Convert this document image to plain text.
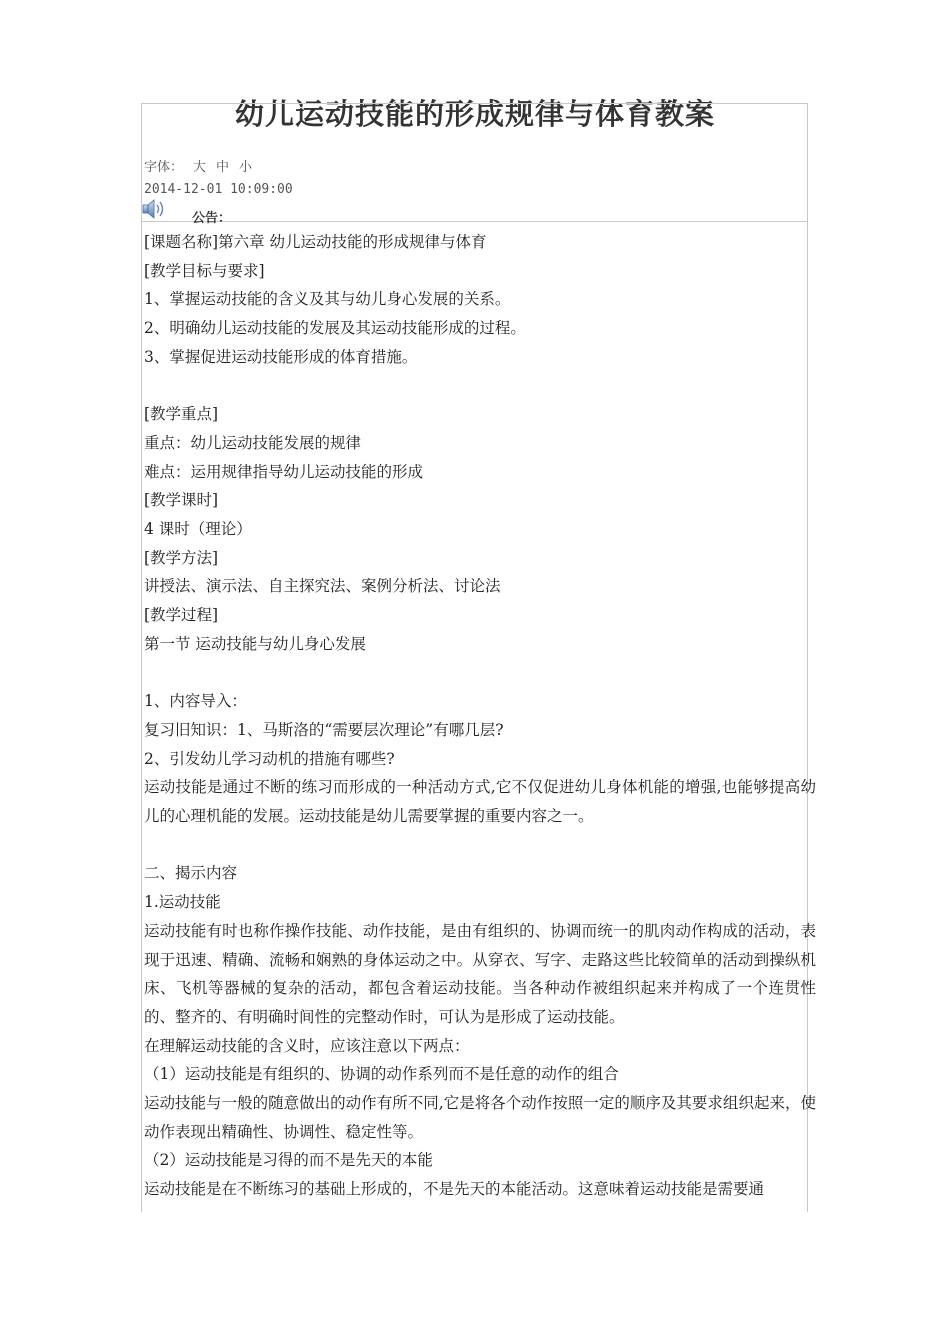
幼儿运动技能的形成规律与体育教案
字体： 大 中 小
2014-12-01 10:09:00
公告：

[课题名称]第六章 幼儿运动技能的形成规律与体育

[教学目标与要求]

1、掌握运动技能的含义及其与幼儿身心发展的关系。

2、明确幼儿运动技能的发展及其运动技能形成的过程。

3、掌握促进运动技能形成的体育措施。

[教学重点]

重点：幼儿运动技能发展的规律

难点：运用规律指导幼儿运动技能的形成

[教学课时]

4 课时（理论）

[教学方法]

讲授法、演示法、自主探究法、案例分析法、讨论法

[教学过程]

第一节 运动技能与幼儿身心发展

1、内容导入：

复习旧知识：1、马斯洛的“需要层次理论”有哪几层?

2、引发幼儿学习动机的措施有哪些?

运动技能是通过不断的练习而形成的一种活动方式,它不仅促进幼儿身体机能的增强,也能够提高幼儿的心理机能的发展。运动技能是幼儿需要掌握的重要内容之一。

二、揭示内容

1.运动技能

运动技能有时也称作操作技能、动作技能，是由有组织的、协调而统一的肌肉动作构成的活动，表现于迅速、精确、流畅和娴熟的身体运动之中。从穿衣、写字、走路这些比较简单的活动到操纵机床、飞机等器械的复杂的活动，都包含着运动技能。当各种动作被组织起来并构成了一个连贯性的、整齐的、有明确时间性的完整动作时，可认为是形成了运动技能。

在理解运动技能的含义时，应该注意以下两点：

（1）运动技能是有组织的、协调的动作系列而不是任意的动作的组合

运动技能与一般的随意做出的动作有所不同,它是将各个动作按照一定的顺序及其要求组织起来，使动作表现出精确性、协调性、稳定性等。

（2）运动技能是习得的而不是先天的本能

运动技能是在不断练习的基础上形成的，不是先天的本能活动。这意味着运动技能是需要通
